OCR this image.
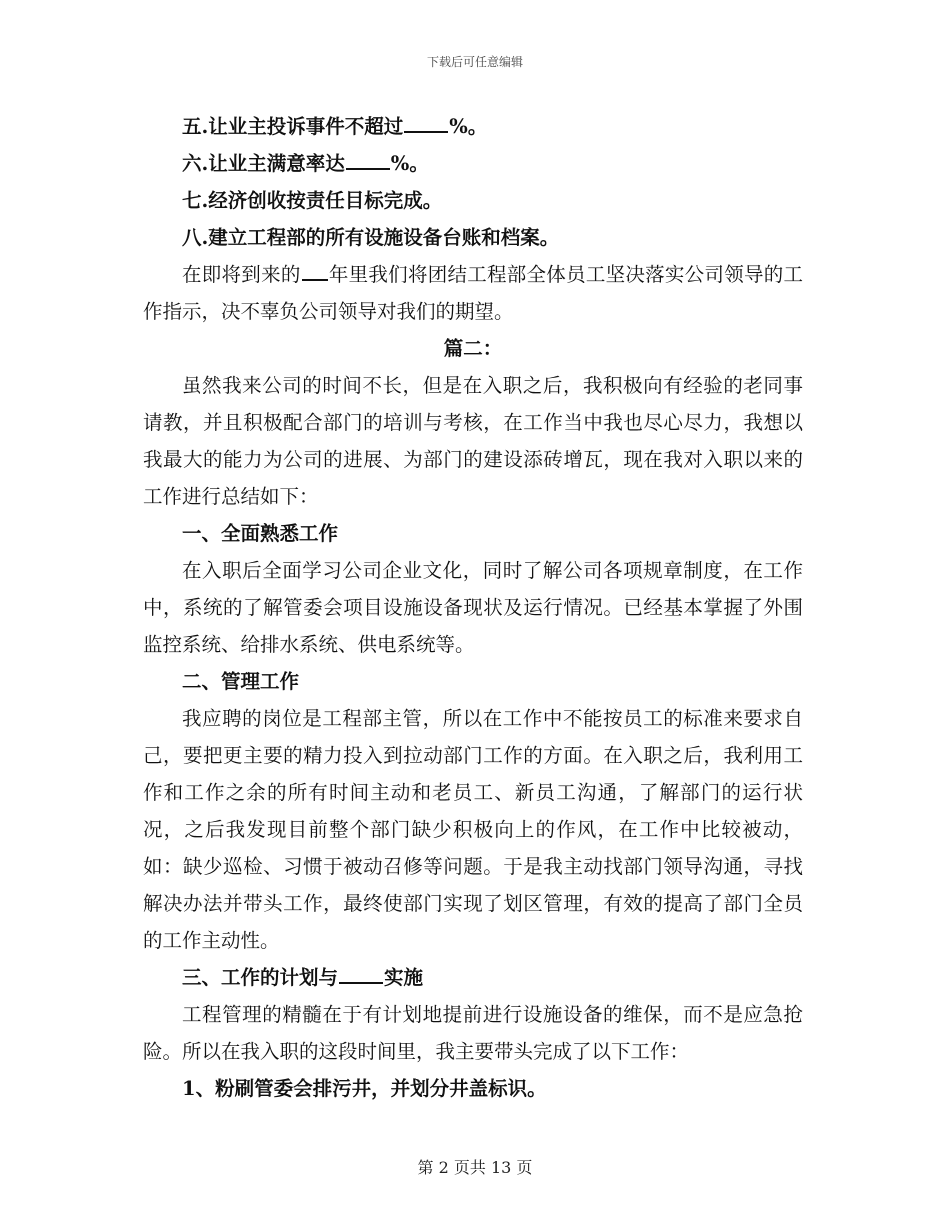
下载后可任意编辑

五.让业主投诉事件不超过 %。

六.让业主满意率达 %。

七.经济创收按责任目标完成。

八.建立工程部的所有设施设备台账和档案。

在即将到来的 年里我们将团结工程部全体员工坚决落实公司领导的工作指示，决不辜负公司领导对我们的期望。

篇二：

虽然我来公司的时间不长，但是在入职之后，我积极向有经验的老同事请教，并且积极配合部门的培训与考核，在工作当中我也尽心尽力，我想以我最大的能力为公司的进展、为部门的建设添砖增瓦，现在我对入职以来的工作进行总结如下：

一、全面熟悉工作

在入职后全面学习公司企业文化，同时了解公司各项规章制度，在工作中，系统的了解管委会项目设施设备现状及运行情况。已经基本掌握了外围监控系统、给排水系统、供电系统等。

二、管理工作

我应聘的岗位是工程部主管，所以在工作中不能按员工的标准来要求自己，要把更主要的精力投入到拉动部门工作的方面。在入职之后，我利用工作和工作之余的所有时间主动和老员工、新员工沟通，了解部门的运行状况，之后我发现目前整个部门缺少积极向上的作风，在工作中比较被动，如：缺少巡检、习惯于被动召修等问题。于是我主动找部门领导沟通，寻找解决办法并带头工作，最终使部门实现了划区管理，有效的提高了部门全员的工作主动性。

三、工作的计划与 实施

工程管理的精髓在于有计划地提前进行设施设备的维保，而不是应急抢险。所以在我入职的这段时间里，我主要带头完成了以下工作：

1、粉刷管委会排污井，并划分井盖标识。

第 2 页共 13 页
